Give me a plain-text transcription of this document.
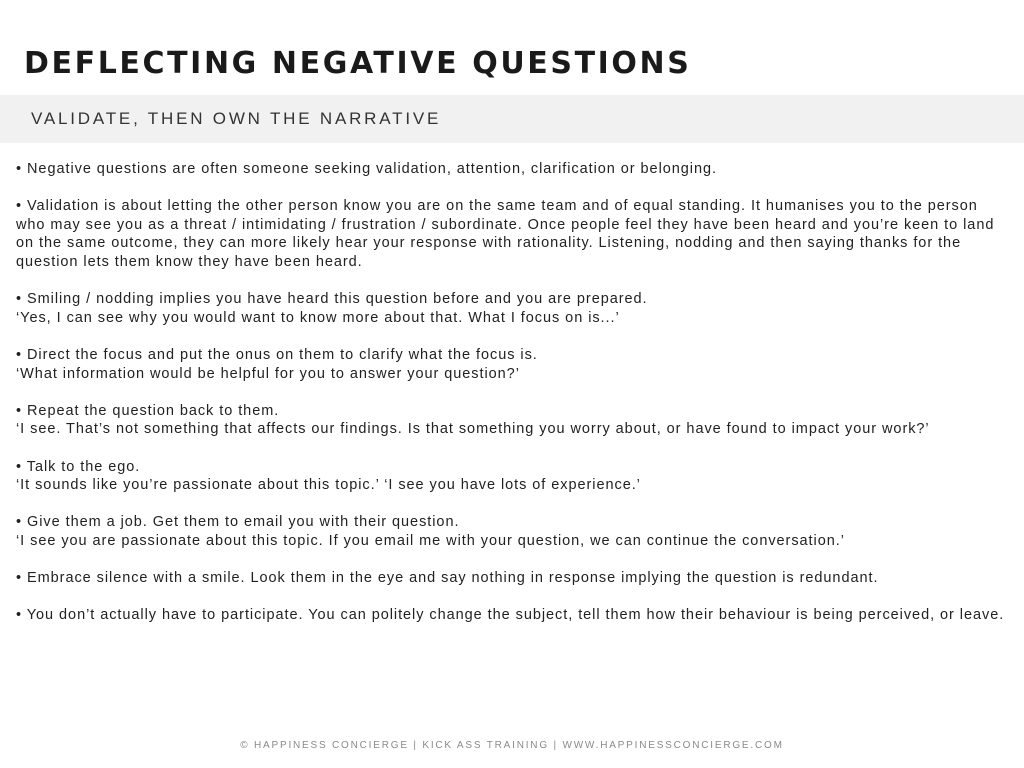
DEFLECTING NEGATIVE QUESTIONS
VALIDATE, THEN OWN THE NARRATIVE

• Negative questions are often someone seeking validation, attention, clarification or belonging.

• Validation is about letting the other person know you are on the same team and of equal standing. It humanises you to the person who may see you as a threat / intimidating / frustration / subordinate. Once people feel they have been heard and you’re keen to land on the same outcome, they can more likely hear your response with rationality. Listening, nodding and then saying thanks for the question lets them know they have been heard.

• Smiling / nodding implies you have heard this question before and you are prepared.
‘Yes, I can see why you would want to know more about that. What I focus on is...’

• Direct the focus and put the onus on them to clarify what the focus is.
‘What information would be helpful for you to answer your question?’

• Repeat the question back to them.
‘I see. That’s not something that affects our findings. Is that something you worry about, or have found to impact your work?’

• Talk to the ego.
‘It sounds like you’re passionate about this topic.’ ‘I see you have lots of experience.’

• Give them a job. Get them to email you with their question.
‘I see you are passionate about this topic. If you email me with your question, we can continue the conversation.’

• Embrace silence with a smile. Look them in the eye and say nothing in response implying the question is redundant.

• You don’t actually have to participate. You can politely change the subject, tell them how their behaviour is being perceived, or leave.

© HAPPINESS CONCIERGE | KICK ASS TRAINING | WWW.HAPPINESSCONCIERGE.COM
